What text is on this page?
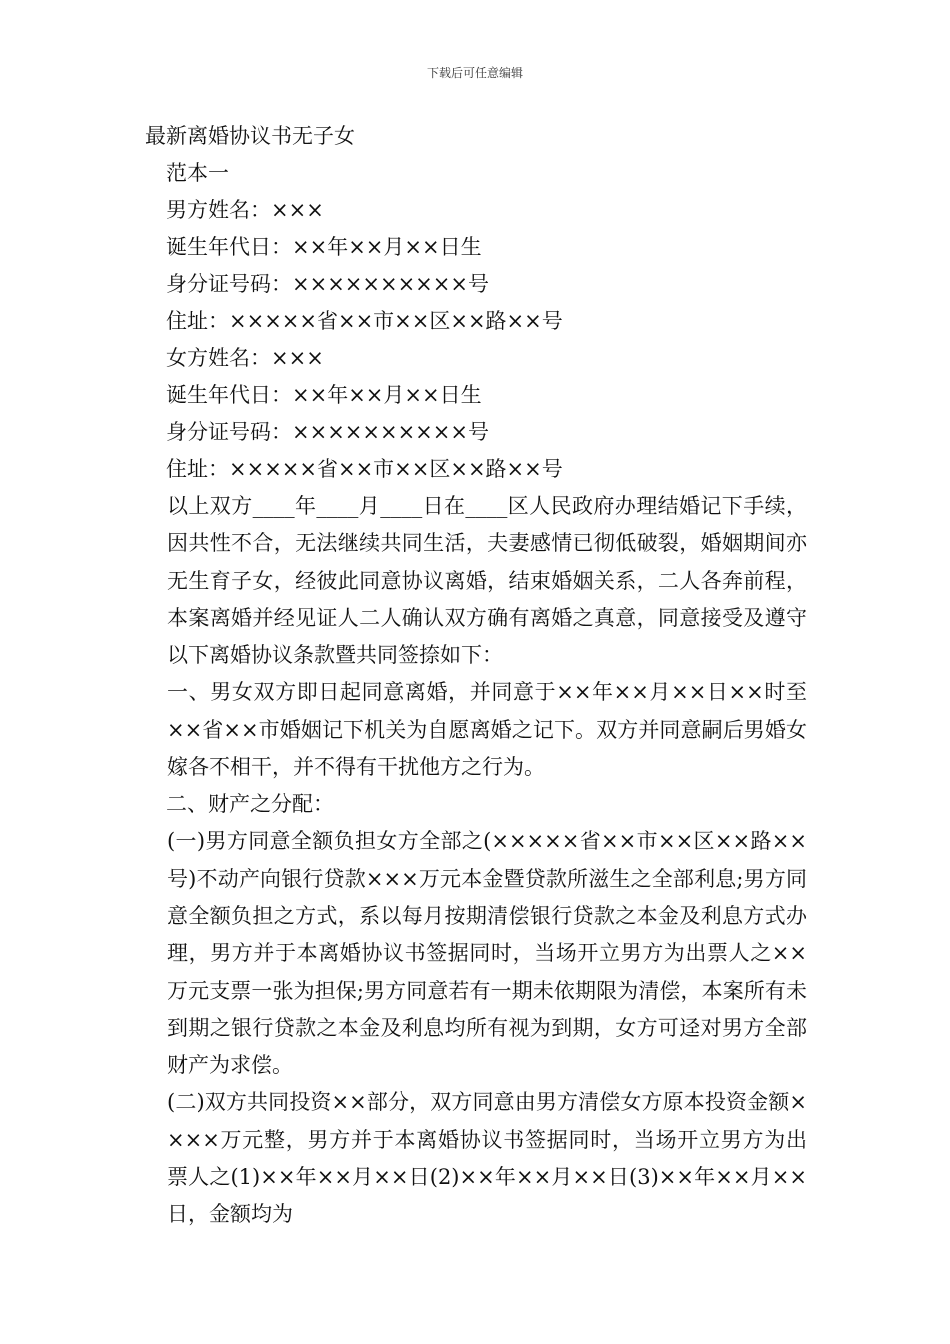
下载后可任意编辑
最新离婚协议书无子女
范本一
男方姓名：×××
诞生年代日：××年××月××日生
身分证号码：××××××××××号
住址：×××××省××市××区××路××号
女方姓名：×××
诞生年代日：××年××月××日生
身分证号码：××××××××××号
住址：×××××省××市××区××路××号

以上双方____年____月____日在____区人民政府办理结婚记下手续，因共性不合，无法继续共同生活，夫妻感情已彻低破裂，婚姻期间亦无生育子女，经彼此同意协议离婚，结束婚姻关系，二人各奔前程，本案离婚并经见证人二人确认双方确有离婚之真意，同意接受及遵守以下离婚协议条款暨共同签捺如下：

一、男女双方即日起同意离婚，并同意于××年××月××日××时至××省××市婚姻记下机关为自愿离婚之记下。双方并同意嗣后男婚女嫁各不相干，并不得有干扰他方之行为。

二、财产之分配：

(一)男方同意全额负担女方全部之(×××××省××市××区××路××号)不动产向银行贷款×××万元本金暨贷款所滋生之全部利息;男方同意全额负担之方式，系以每月按期清偿银行贷款之本金及利息方式办理，男方并于本离婚协议书签据同时，当场开立男方为出票人之××万元支票一张为担保;男方同意若有一期未依期限为清偿，本案所有未到期之银行贷款之本金及利息均所有视为到期，女方可迳对男方全部财产为求偿。

(二)双方共同投资××部分，双方同意由男方清偿女方原本投资金额××××万元整，男方并于本离婚协议书签据同时，当场开立男方为出票人之(1)××年××月××日(2)××年××月××日(3)××年××月××日，金额均为
